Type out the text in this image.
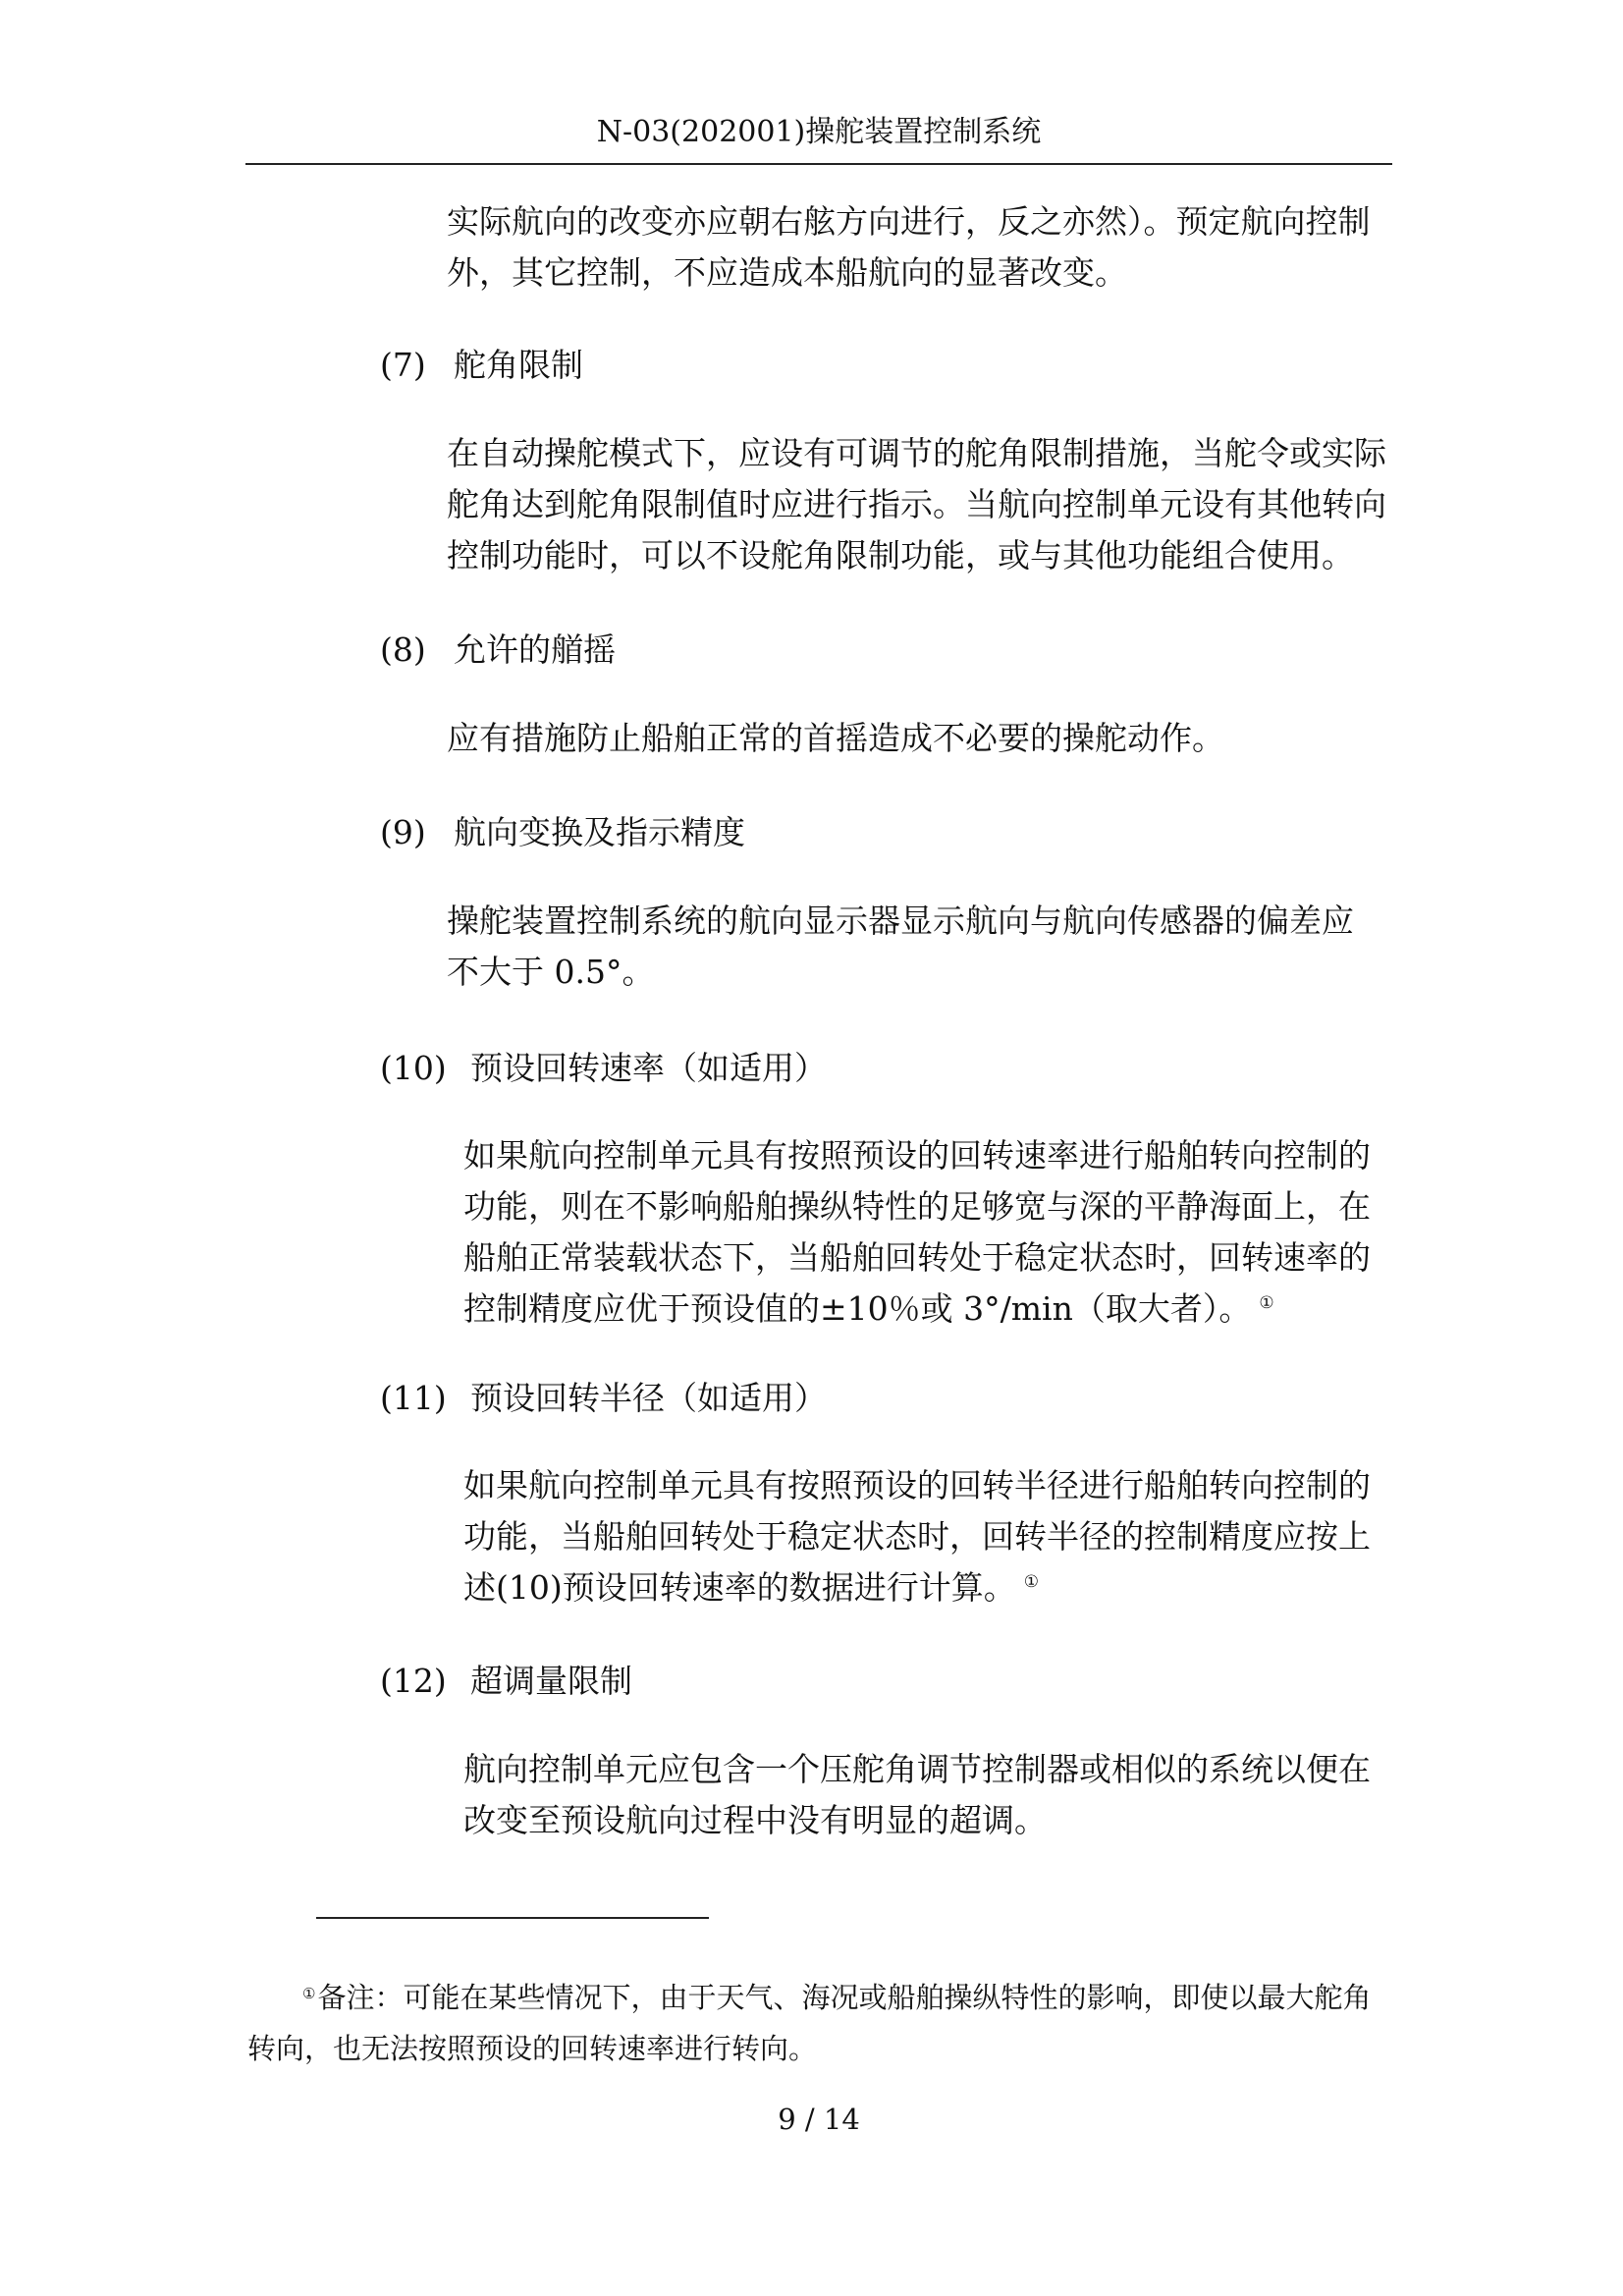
N-03(202001)操舵装置控制系统
实际航向的改变亦应朝右舷方向进行，反之亦然）。预定航向控制
外，其它控制，不应造成本船航向的显著改变。
(7) 舵角限制
在自动操舵模式下，应设有可调节的舵角限制措施，当舵令或实际
舵角达到舵角限制值时应进行指示。当航向控制单元设有其他转向
控制功能时，可以不设舵角限制功能，或与其他功能组合使用。
(8) 允许的艏摇
应有措施防止船舶正常的首摇造成不必要的操舵动作。
(9) 航向变换及指示精度
操舵装置控制系统的航向显示器显示航向与航向传感器的偏差应
不大于 0.5°。
(10) 预设回转速率（如适用）
如果航向控制单元具有按照预设的回转速率进行船舶转向控制的
功能，则在不影响船舶操纵特性的足够宽与深的平静海面上，在
船舶正常装载状态下，当船舶回转处于稳定状态时，回转速率的
控制精度应优于预设值的±10％或 3°/min（取大者）。 ①
(11) 预设回转半径（如适用）
如果航向控制单元具有按照预设的回转半径进行船舶转向控制的
功能，当船舶回转处于稳定状态时，回转半径的控制精度应按上
述(10)预设回转速率的数据进行计算。 ①
(12) 超调量限制
航向控制单元应包含一个压舵角调节控制器或相似的系统以便在
改变至预设航向过程中没有明显的超调。
①备注：可能在某些情况下，由于天气、海况或船舶操纵特性的影响，即使以最大舵角
转向，也无法按照预设的回转速率进行转向。
9 / 14
